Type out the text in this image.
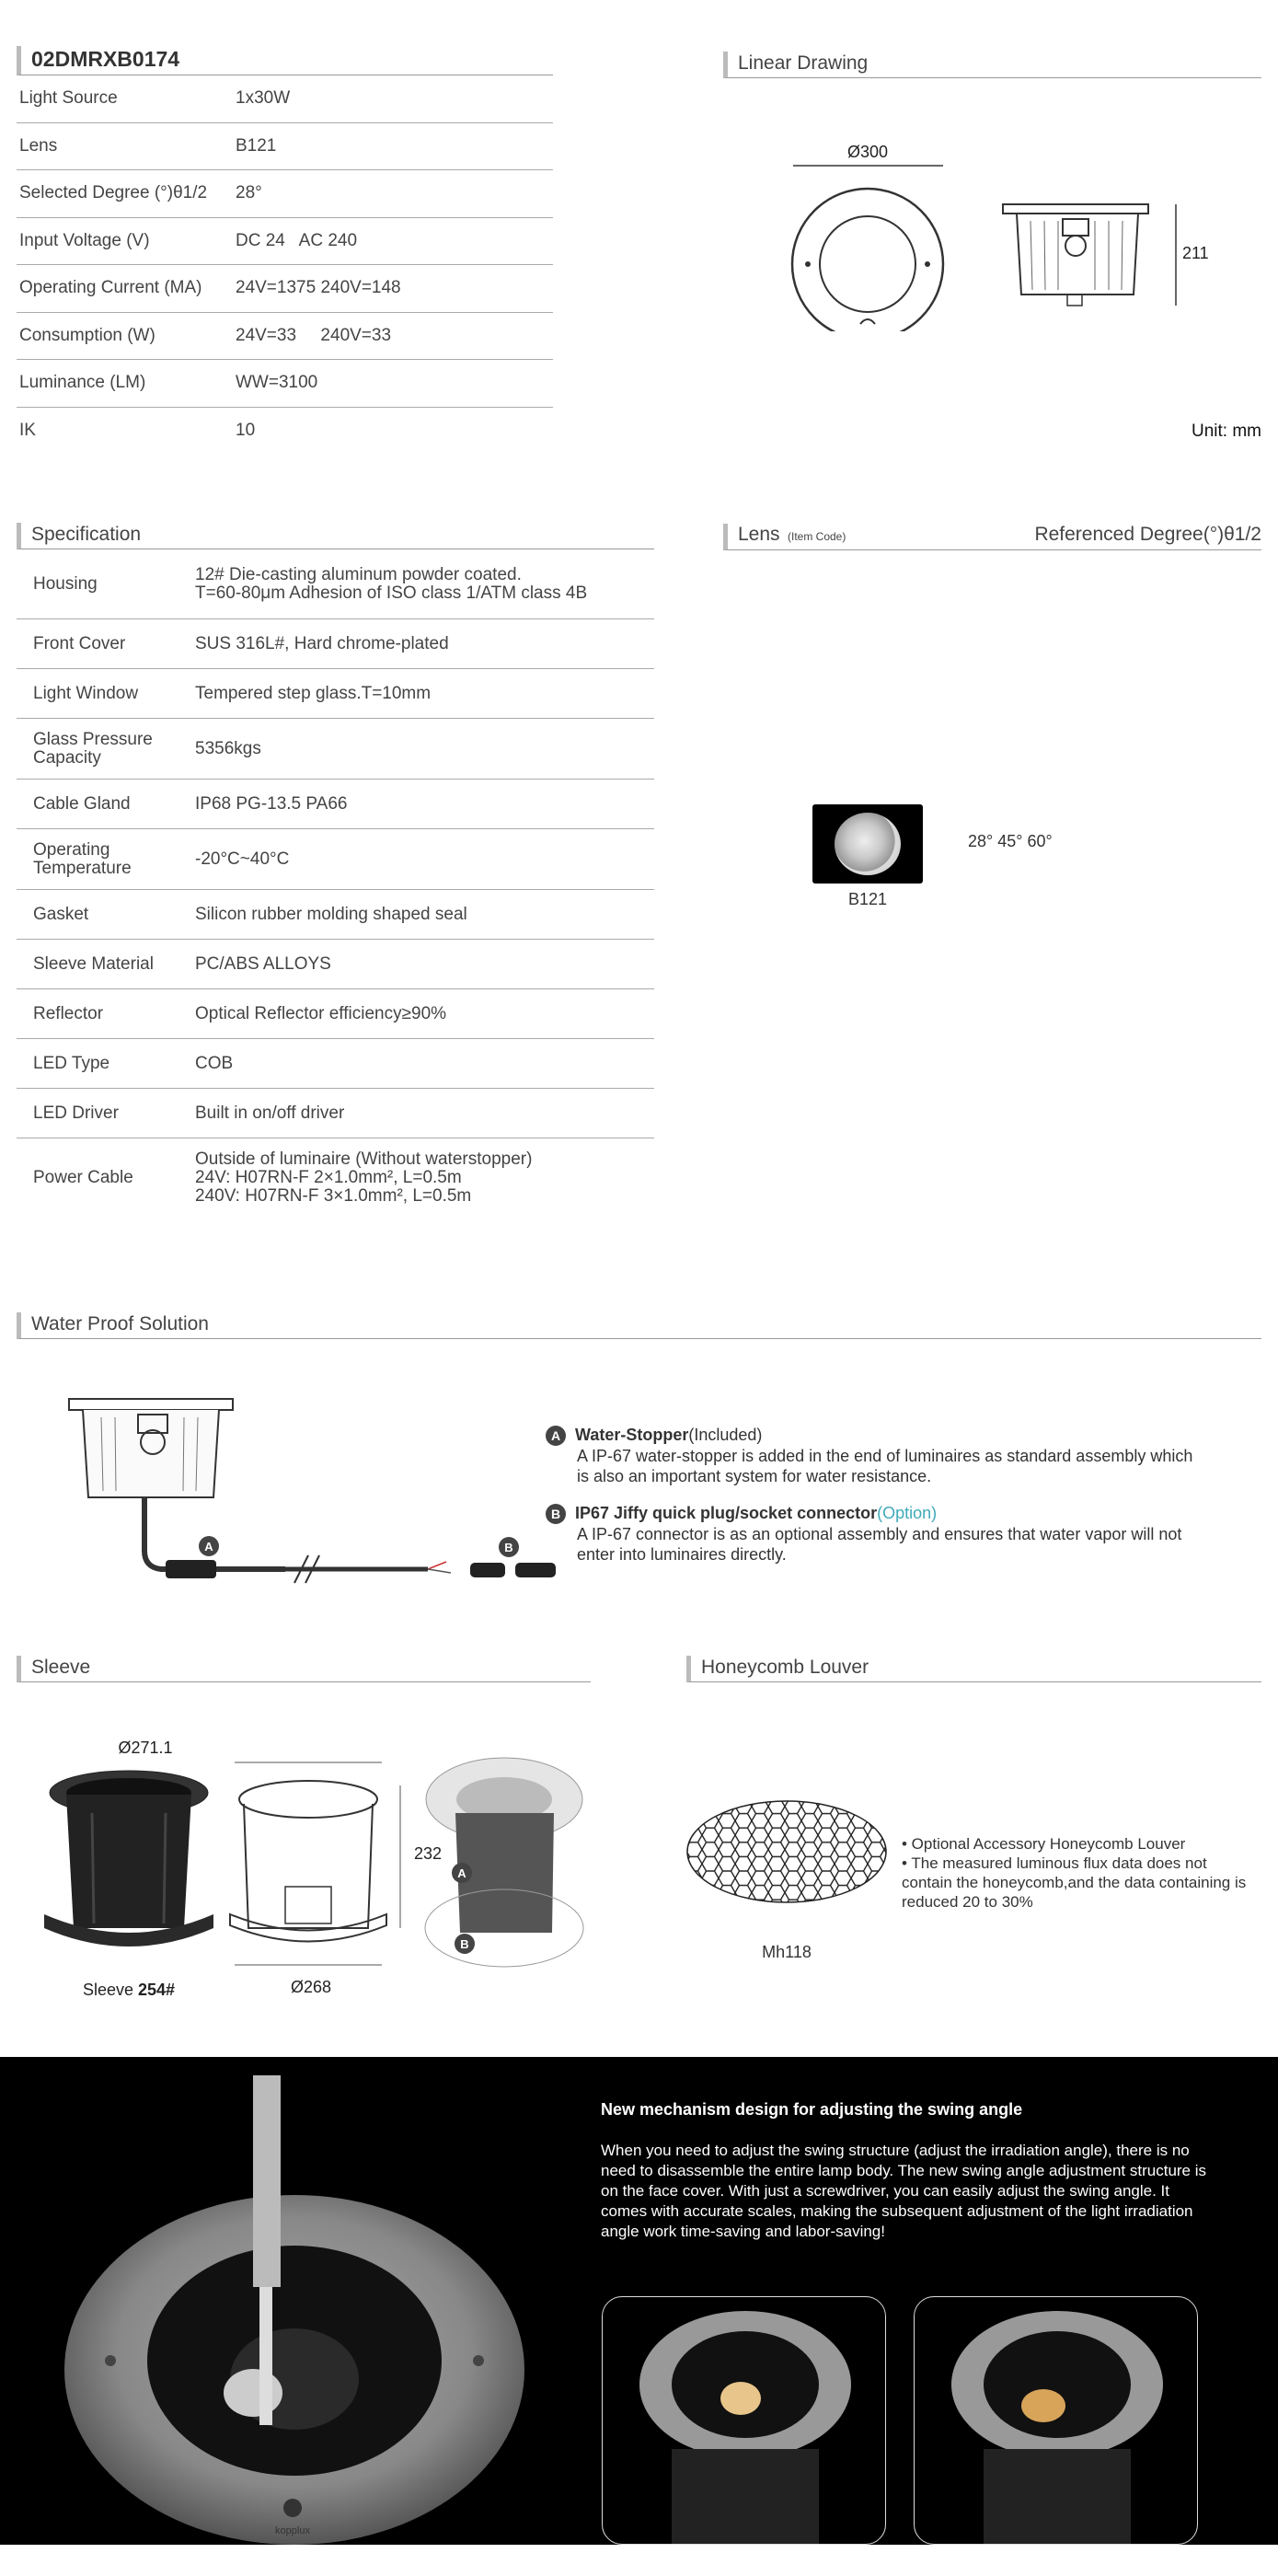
02DMRXB0174
Light Source	1x30W
Lens	B121
Selected Degree (°)θ1/2	28°
Input Voltage (V)	DC 24   AC 240
Operating Current (MA)	24V=1375 240V=148
Consumption (W)	24V=33     240V=33
Luminance (LM)	WW=3100
IK	10
Linear Drawing
Ø300
211
Unit: mm
Specification
Housing	12# Die-casting aluminum powder coated.
T=60-80μm Adhesion of ISO class 1/ATM class 4B
Front Cover	SUS 316L#, Hard chrome-plated
Light Window	Tempered step glass.T=10mm
Glass Pressure
Capacity	5356kgs
Cable Gland	IP68 PG-13.5 PA66
Operating
Temperature	-20°C~40°C
Gasket	Silicon rubber molding shaped seal
Sleeve Material	PC/ABS ALLOYS
Reflector	Optical Reflector efficiency≥90%
LED Type	COB
LED Driver	Built in on/off driver
Power Cable
Outside of luminaire (Without waterstopper)
24V: H07RN-F 2×1.0mm², L=0.5m
240V: H07RN-F 3×1.0mm², L=0.5m
Lens (Item Code)	Referenced Degree(°)θ1/2
B121
28° 45° 60°
Water Proof Solution
A	B
A Water-Stopper(Included)
A IP-67 water-stopper is added in the end of luminaires as standard assembly which is also an important system for water resistance.
B IP67 Jiffy quick plug/socket connector(Option)
A IP-67 connector is as an optional assembly and ensures that water vapor will not enter into luminaires directly.
Sleeve
Ø271.1
232
Ø268
A
B
Sleeve 254#
Honeycomb Louver
Mh118
• Optional Accessory Honeycomb Louver
• The measured luminous flux data does not contain the honeycomb,and the data containing is reduced 20 to 30%
kopplux
New mechanism design for adjusting the swing angle
When you need to adjust the swing structure (adjust the irradiation angle), there is no need to disassemble the entire lamp body. The new swing angle adjustment structure is on the face cover. With just a screwdriver, you can easily adjust the swing angle. It comes with accurate scales, making the subsequent adjustment of the light irradiation angle work time-saving and labor-saving!
